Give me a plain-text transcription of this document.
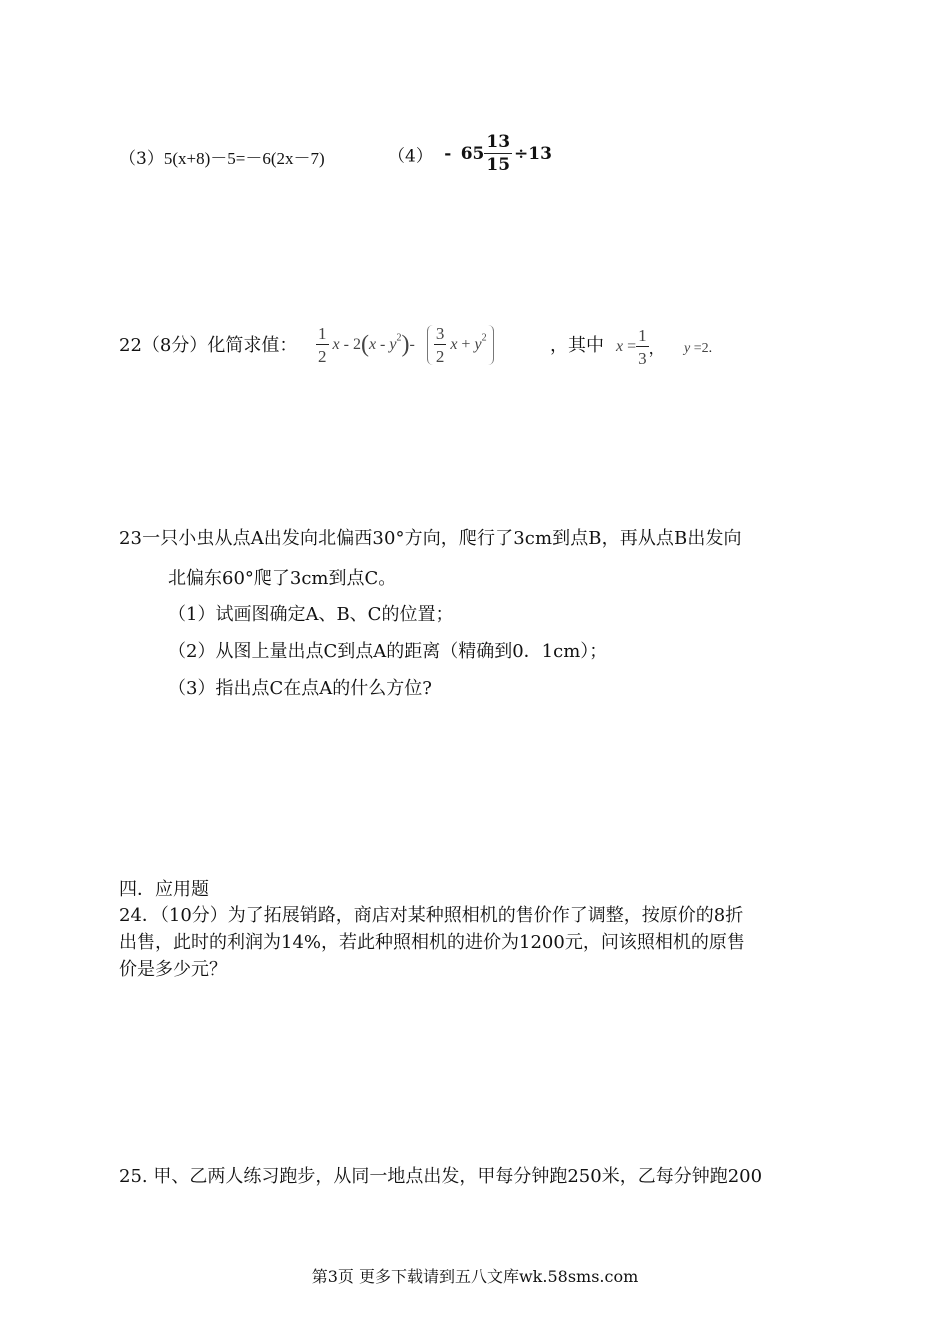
（3）5(x+8)－5=－6(2x－7)	$(4) - 65 \frac{13}{15} \div 13$
22（8分）化简求值： $\frac{1}{2}$ x - $2(x - y^2)- \frac{3}{2}$ $x + y^2$	，其中 $x = \frac{1}{3}$ ， y =2.
23一只小虫从点A出发向北偏西30°方向，爬行了3cm到点B，再从点B出发向
北偏东60°爬了3cm到点C。
（1）试画图确定A、B、C的位置；
（2）从图上量出点C到点A的距离（精确到0．1cm）；
（3）指出点C在点A的什么方位?
四．应用题
24．（10分）为了拓展销路，商店对某种照相机的售价作了调整，按原价的8折
出售，此时的利润为14%，若此种照相机的进价为1200元，问该照相机的原售
价是多少元？
25. 甲、乙两人练习跑步，从同一地点出发，甲每分钟跑250米，乙每分钟跑200
第3页 更多下载请到五八文库wk.58sms.com
